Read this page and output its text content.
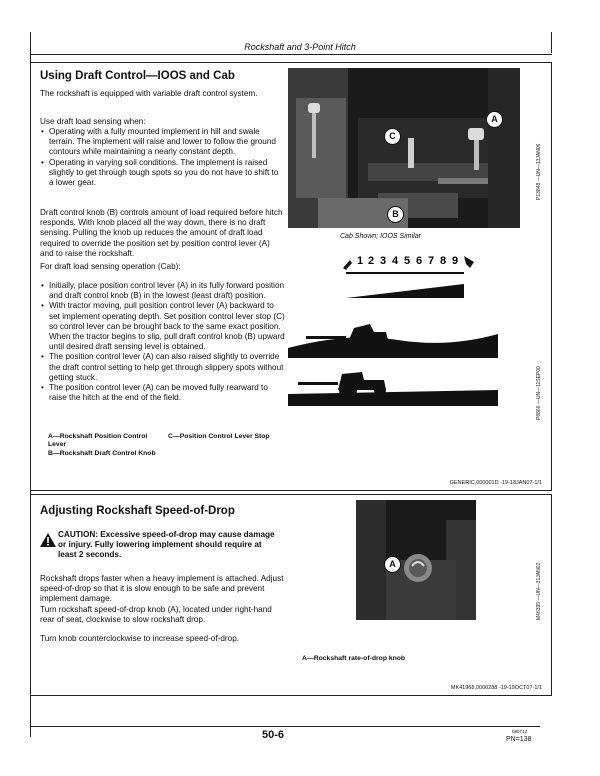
Rockshaft and 3-Point Hitch
Using Draft Control—IOOS and Cab
The rockshaft is equipped with variable draft control system.
Use draft load sensing when:
• Operating with a fully mounted implement in hill and swale terrain. The implement will raise and lower to follow the ground contours while maintaining a nearly constant depth.
• Operating in varying soil conditions. The implement is raised slightly to get through tough spots so you do not have to shift to a lower gear.
Draft control knob (B) controls amount of load required before hitch responds. With knob placed all the way down, there is no draft sensing. Pulling the knob up reduces the amount of draft load required to override the position set by position control lever (A) and to raise the rockshaft.
For draft load sensing operation (Cab):
• Initially, place position control lever (A) in its fully forward position and draft control knob (B) in the lowest (least draft) position.
• With tractor moving, pull position control lever (A) backward to set implement operating depth. Set position control lever stop (C) so control lever can be brought back to the same exact position. When the tractor begins to slip, pull draft control knob (B) upward until desired draft sensing level is obtained.
• The position control lever (A) can also raised slightly to override the draft control setting to help get through slippery spots without getting stuck.
• The position control lever (A) can be moved fully rearward to raise the hitch at the end of the field.
A—Rockshaft Position Control Lever
B—Rockshaft Draft Control Knob
C—Position Control Lever Stop
A
C
B
P13848 —UN—13JAN06
Cab Shown; IOOS Similar
1 2 3 4 5 6 7 8 9
P8866 —UN—11SEP00
GENERIC,000001D -19-18JAN07-1/1
Adjusting Rockshaft Speed-of-Drop
CAUTION: Excessive speed-of-drop may cause damage or injury. Fully lowering implement should require at least 2 seconds.
Rockshaft drops faster when a heavy implement is attached. Adjust speed-of-drop so that it is slow enough to be safe and prevent implement damage.
Turn rockshaft speed-of-drop knob (A), located under right-hand rear of seat, clockwise to slow rockshaft drop.
Turn knob counterclockwise to increase speed-of-drop.
A	M46395 —UN—31JAN02
A—Rockshaft rate-of-drop knob
MK41968,0000288 -19-19OCT07-1/1
50-6	080712
PN=138
